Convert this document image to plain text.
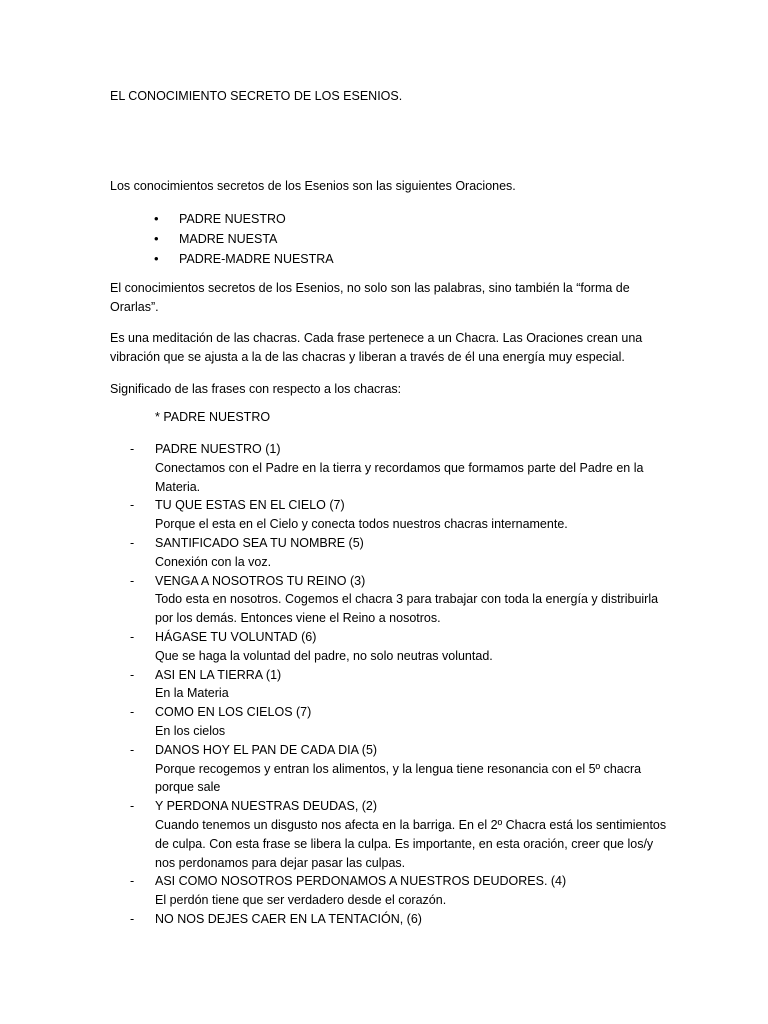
EL CONOCIMIENTO SECRETO DE LOS ESENIOS.

Los conocimientos secretos de los Esenios son las siguientes Oraciones.

• PADRE NUESTRO
• MADRE NUESTA
• PADRE-MADRE NUESTRA

El conocimientos secretos de los Esenios, no solo son las palabras, sino también la “forma de Orarlas”.

Es una meditación de las chacras. Cada frase pertenece a un Chacra. Las Oraciones crean una vibración que se ajusta a la de las chacras y liberan a través de él una energía muy especial.

Significado de las frases con respecto a los chacras:

* PADRE NUESTRO

- PADRE NUESTRO (1)
Conectamos con el Padre en la tierra y recordamos que formamos parte del Padre en la Materia.
- TU QUE ESTAS EN EL CIELO (7)
Porque el esta en el Cielo y conecta todos nuestros chacras internamente.
- SANTIFICADO SEA TU NOMBRE (5)
Conexión con la voz.
- VENGA A NOSOTROS TU REINO (3)
Todo esta en nosotros. Cogemos el chacra 3 para trabajar con toda la energía y distribuirla por los demás. Entonces viene el Reino a nosotros.
- HÁGASE TU VOLUNTAD (6)
Que se haga la voluntad del padre, no solo neutras voluntad.
- ASI EN LA TIERRA (1)
En la Materia
- COMO EN LOS CIELOS (7)
En los cielos
- DANOS HOY EL PAN DE CADA DIA (5)
Porque recogemos y entran los alimentos, y la lengua tiene resonancia con el 5º chacra porque sale
- Y PERDONA NUESTRAS DEUDAS, (2)
Cuando tenemos un disgusto nos afecta en la barriga. En el 2º Chacra está los sentimientos de culpa. Con esta frase se libera la culpa. Es importante, en esta oración, creer que los/y nos perdonamos para dejar pasar las culpas.
- ASI COMO NOSOTROS PERDONAMOS A NUESTROS DEUDORES. (4)
El perdón tiene que ser verdadero desde el corazón.
- NO NOS DEJES CAER EN LA TENTACIÓN, (6)
